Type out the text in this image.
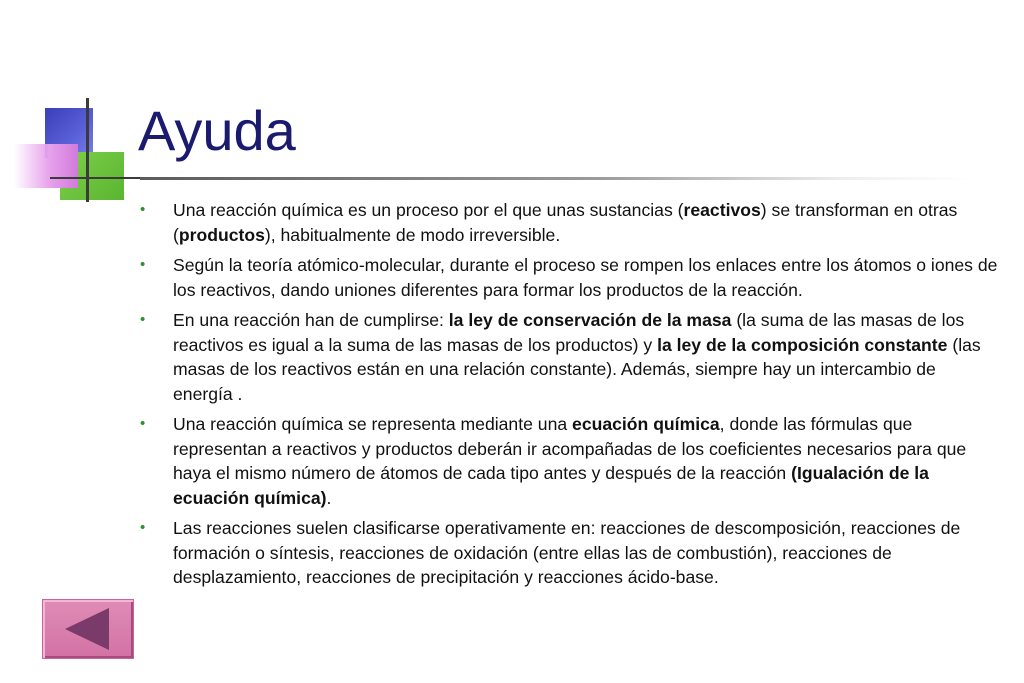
Ayuda
• Una reacción química es un proceso por el que unas sustancias (reactivos) se transforman en otras (productos), habitualmente de modo irreversible.
• Según la teoría atómico-molecular, durante el proceso se rompen los enlaces entre los átomos o iones de los reactivos, dando uniones diferentes para formar los productos de la reacción.
• En una reacción han de cumplirse: la ley de conservación de la masa (la suma de las masas de los reactivos es igual a la suma de las masas de los productos) y la ley de la composición constante (las masas de los reactivos están en una relación constante). Además, siempre hay un intercambio de energía .
• Una reacción química se representa mediante una ecuación química, donde las fórmulas que representan a reactivos y productos deberán ir acompañadas de los coeficientes necesarios para que haya el mismo número de átomos de cada tipo antes y después de la reacción (Igualación de la ecuación química).
• Las reacciones suelen clasificarse operativamente en: reacciones de descomposición, reacciones de formación o síntesis, reacciones de oxidación (entre ellas las de combustión), reacciones de desplazamiento, reacciones de precipitación y reacciones ácido-base.
